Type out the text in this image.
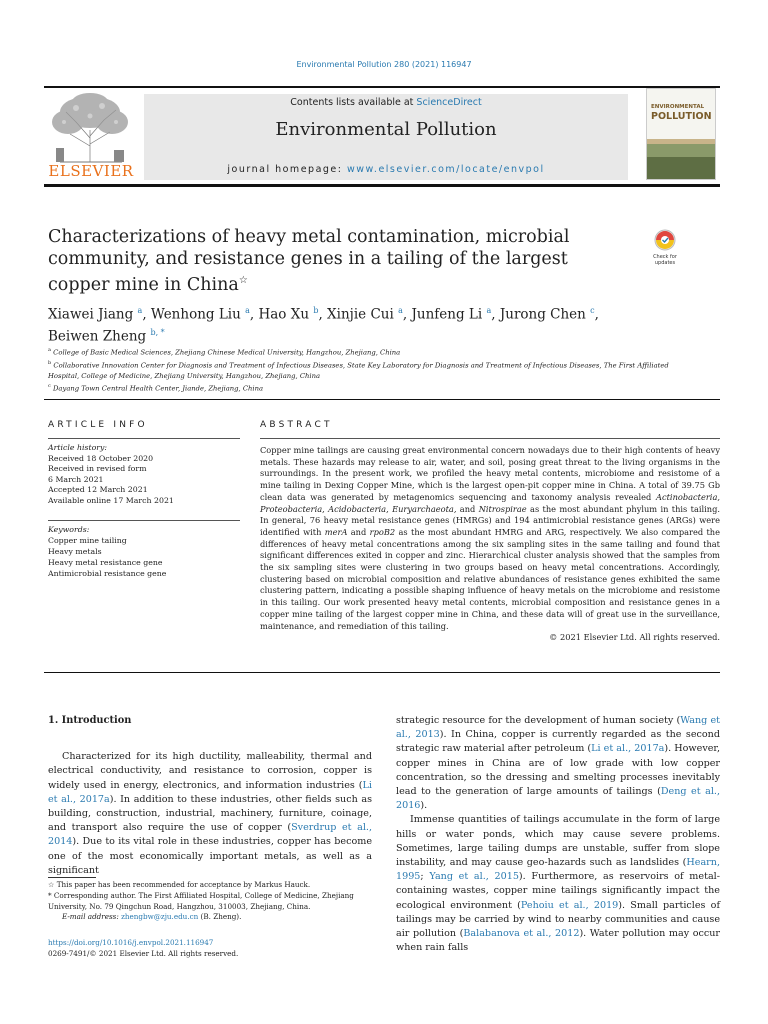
Environmental Pollution 280 (2021) 116947
ELSEVIER
Contents lists available at ScienceDirect
Environmental Pollution
journal homepage: www.elsevier.com/locate/envpol
ENVIRONMENTAL
POLLUTION
Characterizations of heavy metal contamination, microbial community, and resistance genes in a tailing of the largest copper mine in China☆
Check for updates
Xiawei Jiang $^a$, Wenhong Liu $^a$, Hao Xu $^b$, Xinjie Cui $^a$, Junfeng Li $^a$, Jurong Chen $^c$,
Beiwen Zheng $^{b, *}$
$^a$ College of Basic Medical Sciences, Zhejiang Chinese Medical University, Hangzhou, Zhejiang, China
$^b$ Collaborative Innovation Center for Diagnosis and Treatment of Infectious Diseases, State Key Laboratory for Diagnosis and Treatment of Infectious Diseases, The First Affiliated Hospital, College of Medicine, Zhejiang University, Hangzhou, Zhejiang, China
$^c$ Dayang Town Central Health Center, Jiande, Zhejiang, China
ARTICLE INFO
Article history:
Received 18 October 2020
Received in revised form
6 March 2021
Accepted 12 March 2021
Available online 17 March 2021
Keywords:
Copper mine tailing
Heavy metals
Heavy metal resistance gene
Antimicrobial resistance gene
ABSTRACT
Copper mine tailings are causing great environmental concern nowadays due to their high contents of heavy metals. These hazards may release to air, water, and soil, posing great threat to the living organisms in the surroundings. In the present work, we profiled the heavy metal contents, microbiome and resistome of a mine tailing in Dexing Copper Mine, which is the largest open-pit copper mine in China. A total of 39.75 Gb clean data was generated by metagenomics sequencing and taxonomy analysis revealed Actinobacteria, Proteobacteria, Acidobacteria, Euryarchaeota, and Nitrospirae as the most abundant phylum in this tailing. In general, 76 heavy metal resistance genes (HMRGs) and 194 antimicrobial resistance genes (ARGs) were identified with merA and rpoB2 as the most abundant HMRG and ARG, respectively. We also compared the differences of heavy metal concentrations among the six sampling sites in the same tailing and found that significant differences exited in copper and zinc. Hierarchical cluster analysis showed that the samples from the six sampling sites were clustering in two groups based on heavy metal concentrations. Accordingly, clustering based on microbial composition and relative abundances of resistance genes exhibited the same clustering pattern, indicating a possible shaping influence of heavy metals on the microbiome and resistome in this tailing. Our work presented heavy metal contents, microbial composition and resistance genes in a copper mine tailing of the largest copper mine in China, and these data will of great use in the surveillance, maintenance, and remediation of this tailing.
© 2021 Elsevier Ltd. All rights reserved.
1. Introduction

Characterized for its high ductility, malleability, thermal and electrical conductivity, and resistance to corrosion, copper is widely used in energy, electronics, and information industries (Li et al., 2017a). In addition to these industries, other fields such as building, construction, industrial, machinery, furniture, coinage, and transport also require the use of copper (Sverdrup et al., 2014). Due to its vital role in these industries, copper has become one of the most economically important metals, as well as a significant

☆ This paper has been recommended for acceptance by Markus Hauck.
* Corresponding author. The First Affiliated Hospital, College of Medicine, Zhejiang University, No. 79 Qingchun Road, Hangzhou, 310003, Zhejiang, China.
E-mail address: zhengbw@zju.edu.cn (B. Zheng).
https://doi.org/10.1016/j.envpol.2021.116947
0269-7491/© 2021 Elsevier Ltd. All rights reserved.

strategic resource for the development of human society (Wang et al., 2013). In China, copper is currently regarded as the second strategic raw material after petroleum (Li et al., 2017a). However, copper mines in China are of low grade with low copper concentration, so the dressing and smelting processes inevitably lead to the generation of large amounts of tailings (Deng et al., 2016).

Immense quantities of tailings accumulate in the form of large hills or water ponds, which may cause severe problems. Sometimes, large tailing dumps are unstable, suffer from slope instability, and may cause geo-hazards such as landslides (Hearn, 1995; Yang et al., 2015). Furthermore, as reservoirs of metal-containing wastes, copper mine tailings significantly impact the ecological environment (Pehoiu et al., 2019). Small particles of tailings may be carried by wind to nearby communities and cause air pollution (Balabanova et al., 2012). Water pollution may occur when rain falls
